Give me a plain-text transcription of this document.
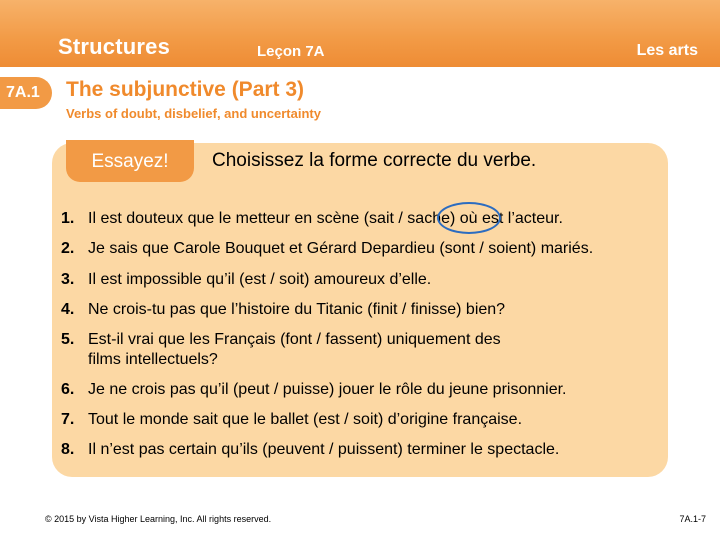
Structures	Leçon 7A	Les arts
7A.1 The subjunctive (Part 3)
Verbs of doubt, disbelief, and uncertainty
Essayez!	Choisissez la forme correcte du verbe.
1. Il est douteux que le metteur en scène (sait / sache) où est l’acteur.
2. Je sais que Carole Bouquet et Gérard Depardieu (sont / soient) mariés.
3. Il est impossible qu’il (est / soit) amoureux d’elle.
4. Ne crois-tu pas que l’histoire du Titanic (finit / finisse) bien?
5. Est-il vrai que les Français (font / fassent) uniquement des
films intellectuels?
6. Je ne crois pas qu’il (peut / puisse) jouer le rôle du jeune prisonnier.
7. Tout le monde sait que le ballet (est / soit) d’origine française.
8. Il n’est pas certain qu’ils (peuvent / puissent) terminer le spectacle.
© 2015 by Vista Higher Learning, Inc. All rights reserved.	7A.1-7
